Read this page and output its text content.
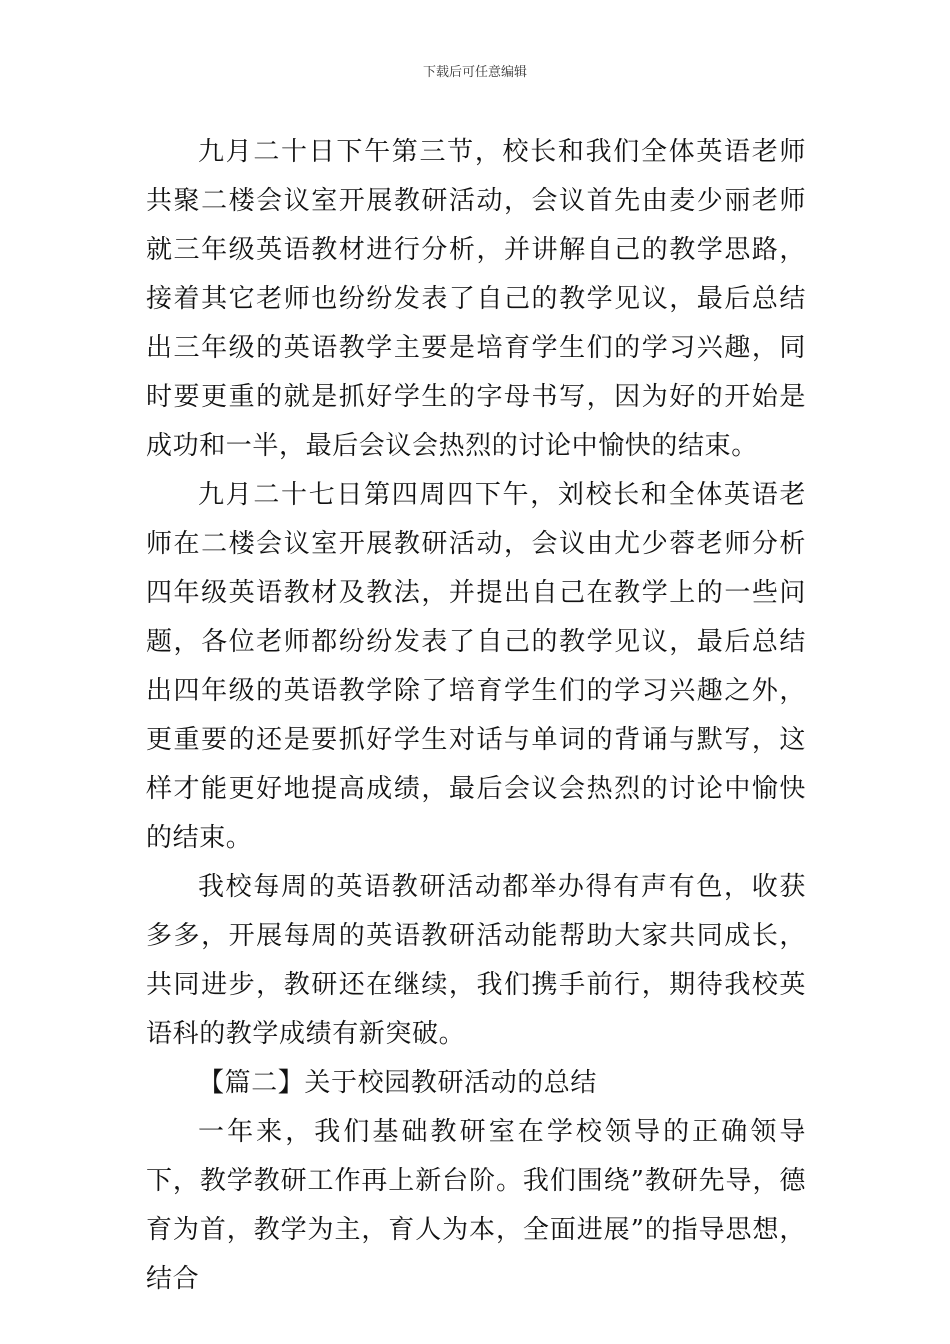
下载后可任意编辑

九月二十日下午第三节，校长和我们全体英语老师共聚二楼会议室开展教研活动，会议首先由麦少丽老师就三年级英语教材进行分析，并讲解自己的教学思路，接着其它老师也纷纷发表了自己的教学见议，最后总结出三年级的英语教学主要是培育学生们的学习兴趣，同时要更重的就是抓好学生的字母书写，因为好的开始是成功和一半，最后会议会热烈的讨论中愉快的结束。

九月二十七日第四周四下午，刘校长和全体英语老师在二楼会议室开展教研活动，会议由尤少蓉老师分析四年级英语教材及教法，并提出自己在教学上的一些问题，各位老师都纷纷发表了自己的教学见议，最后总结出四年级的英语教学除了培育学生们的学习兴趣之外，更重要的还是要抓好学生对话与单词的背诵与默写，这样才能更好地提高成绩，最后会议会热烈的讨论中愉快的结束。

我校每周的英语教研活动都举办得有声有色，收获多多，开展每周的英语教研活动能帮助大家共同成长，共同进步，教研还在继续，我们携手前行，期待我校英语科的教学成绩有新突破。

【篇二】关于校园教研活动的总结

一年来，我们基础教研室在学校领导的正确领导下，教学教研工作再上新台阶。我们围绕”教研先导，德育为首，教学为主，育人为本，全面进展”的指导思想，结合
